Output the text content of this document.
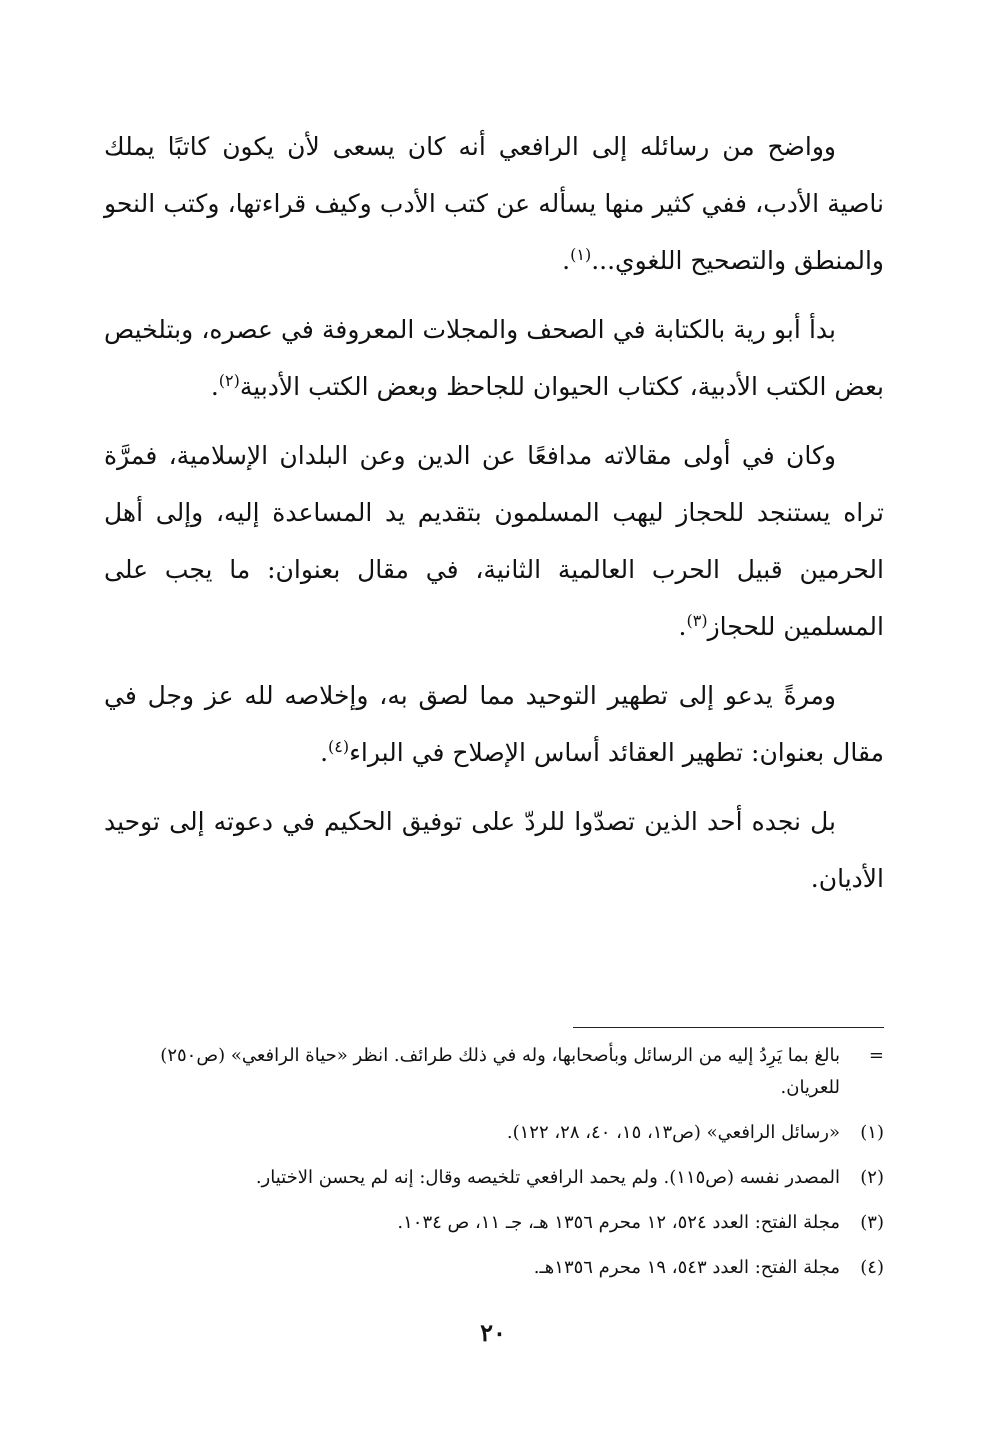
وواضح من رسائله إلى الرافعي أنه كان يسعى لأن يكون كاتبًا يملك ناصية الأدب، ففي كثير منها يسأله عن كتب الأدب وكيف قراءتها، وكتب النحو والمنطق والتصحيح اللغوي...$^{(١)}$.

بدأ أبو رية بالكتابة في الصحف والمجلات المعروفة في عصره، وبتلخيص بعض الكتب الأدبية، ككتاب الحيوان للجاحظ وبعض الكتب الأدبية$^{(٢)}$.

وكان في أولى مقالاته مدافعًا عن الدين وعن البلدان الإسلامية، فمرَّة تراه يستنجد للحجاز ليهب المسلمون بتقديم يد المساعدة إليه، وإلى أهل الحرمين قبيل الحرب العالمية الثانية، في مقال بعنوان: ما يجب على المسلمين للحجاز$^{(٣)}$.

ومرةً يدعو إلى تطهير التوحيد مما لصق به، وإخلاصه لله عز وجل في مقال بعنوان: تطهير العقائد أساس الإصلاح في البراء$^{(٤)}$.

بل نجده أحد الذين تصدّوا للردّ على توفيق الحكيم في دعوته إلى توحيد الأديان.

=
بالغ بما يَرِدُ إليه من الرسائل وبأصحابها، وله في ذلك طرائف. انظر «حياة الرافعي» (ص٢٥٠) للعريان.
(١)
«رسائل الرافعي» (ص١٣، ١٥، ٤٠، ٢٨، ١٢٢).
(٢)
المصدر نفسه (ص١١٥). ولم يحمد الرافعي تلخيصه وقال: إنه لم يحسن الاختيار.
(٣)
مجلة الفتح: العدد ٥٢٤، ١٢ محرم ١٣٥٦ هـ، جـ ١١، ص ١٠٣٤.
(٤)
مجلة الفتح: العدد ٥٤٣، ١٩ محرم ١٣٥٦هـ.
٢٠
